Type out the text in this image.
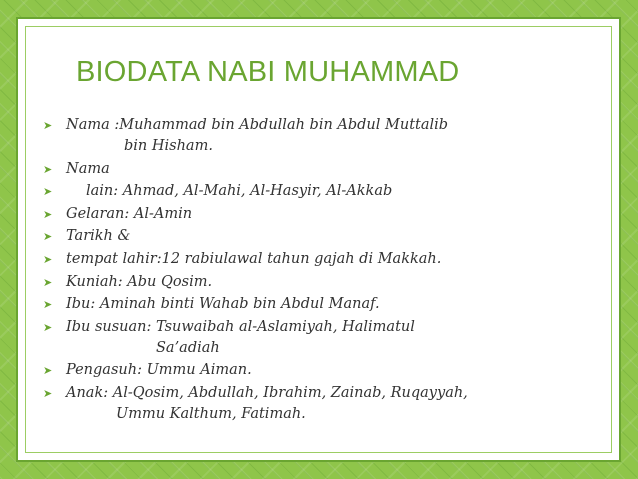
BIODATA NABI MUHAMMAD
➤ Nama :Muhammad bin Abdullah bin Abdul Muttalib
bin Hisham.
➤ Nama
➤ lain: Ahmad, Al-Mahi, Al-Hasyir, Al-Akkab
➤ Gelaran: Al-Amin
➤ Tarikh &
➤ tempat lahir:12 rabiulawal tahun gajah di Makkah.
➤ Kuniah: Abu Qosim.
➤ Ibu: Aminah binti Wahab bin Abdul Manaf.
➤ Ibu susuan: Tsuwaibah al-Aslamiyah, Halimatul
Sa’adiah
➤ Pengasuh: Ummu Aiman.
➤ Anak: Al-Qosim, Abdullah, Ibrahim, Zainab, Ruqayyah,
Ummu Kalthum, Fatimah.
